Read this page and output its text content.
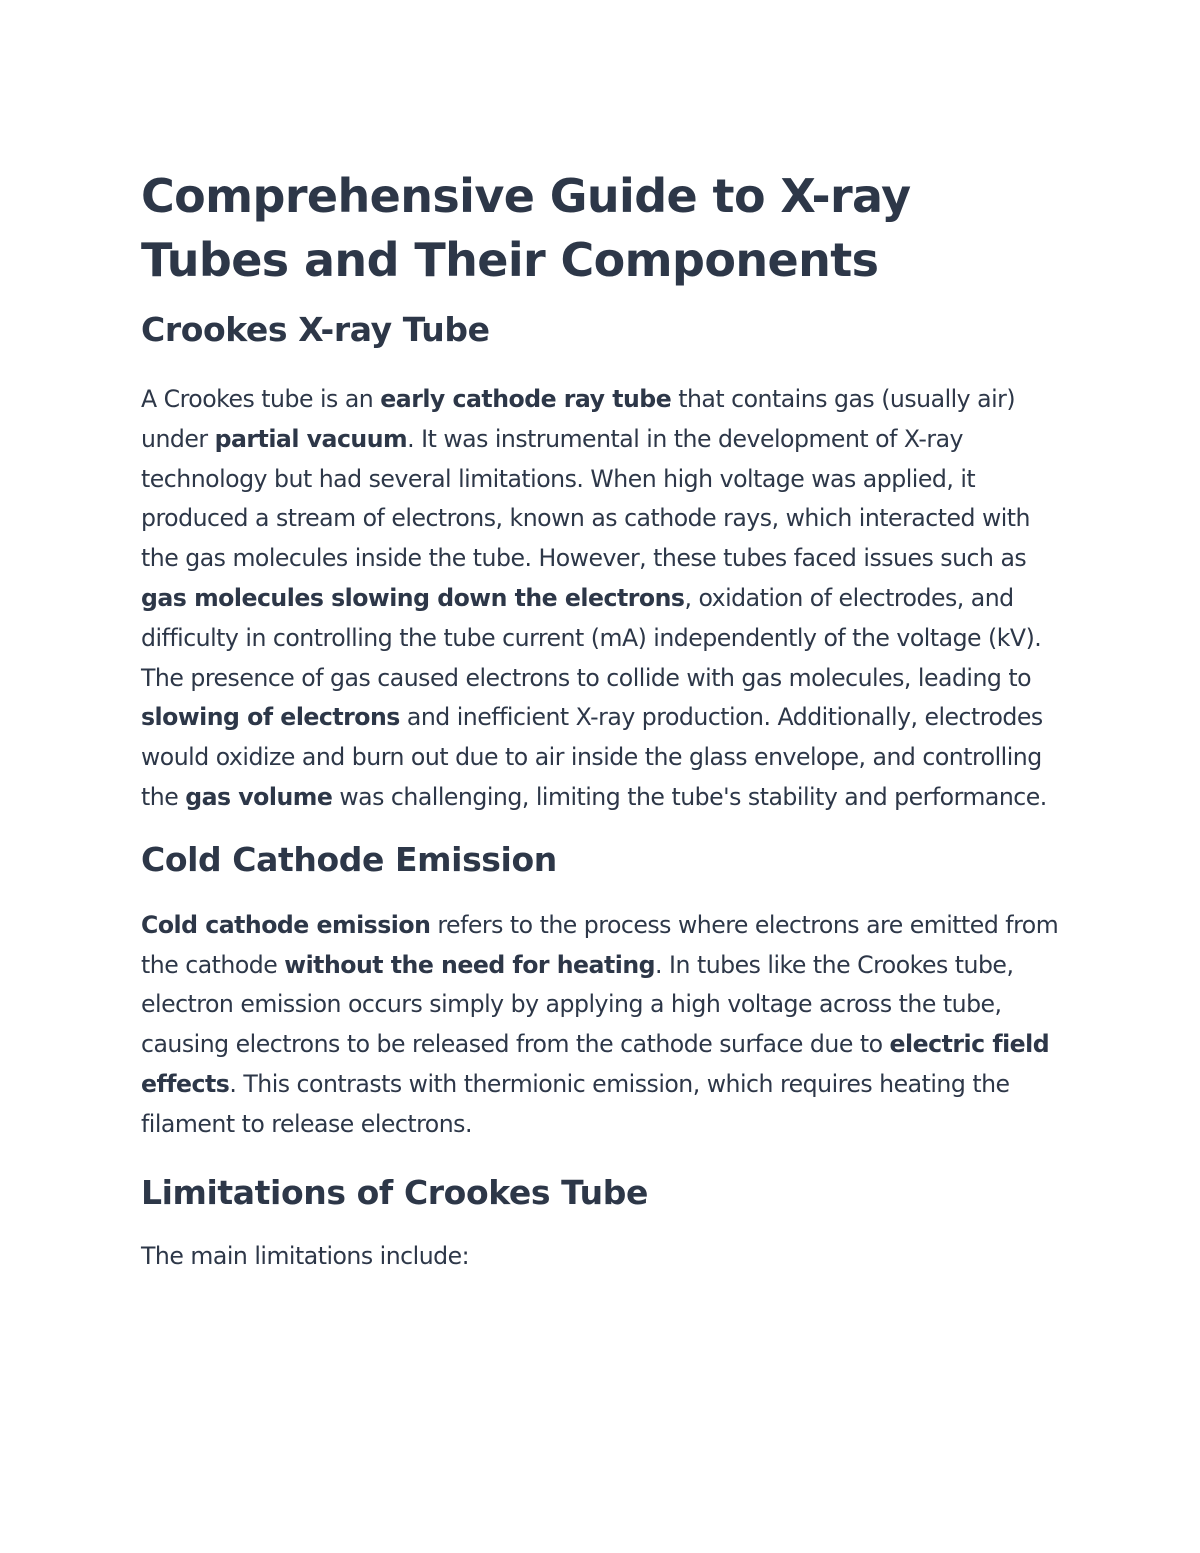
Comprehensive Guide to X-ray Tubes and Their Components
Crookes X-ray Tube

A Crookes tube is an early cathode ray tube that contains gas (usually air) under partial vacuum. It was instrumental in the development of X-ray technology but had several limitations. When high voltage was applied, it produced a stream of electrons, known as cathode rays, which interacted with the gas molecules inside the tube. However, these tubes faced issues such as gas molecules slowing down the electrons, oxidation of electrodes, and difficulty in controlling the tube current (mA) independently of the voltage (kV). The presence of gas caused electrons to collide with gas molecules, leading to slowing of electrons and inefficient X-ray production. Additionally, electrodes would oxidize and burn out due to air inside the glass envelope, and controlling the gas volume was challenging, limiting the tube's stability and performance.

Cold Cathode Emission

Cold cathode emission refers to the process where electrons are emitted from the cathode without the need for heating. In tubes like the Crookes tube, electron emission occurs simply by applying a high voltage across the tube, causing electrons to be released from the cathode surface due to electric field effects. This contrasts with thermionic emission, which requires heating the filament to release electrons.

Limitations of Crookes Tube

The main limitations include:
